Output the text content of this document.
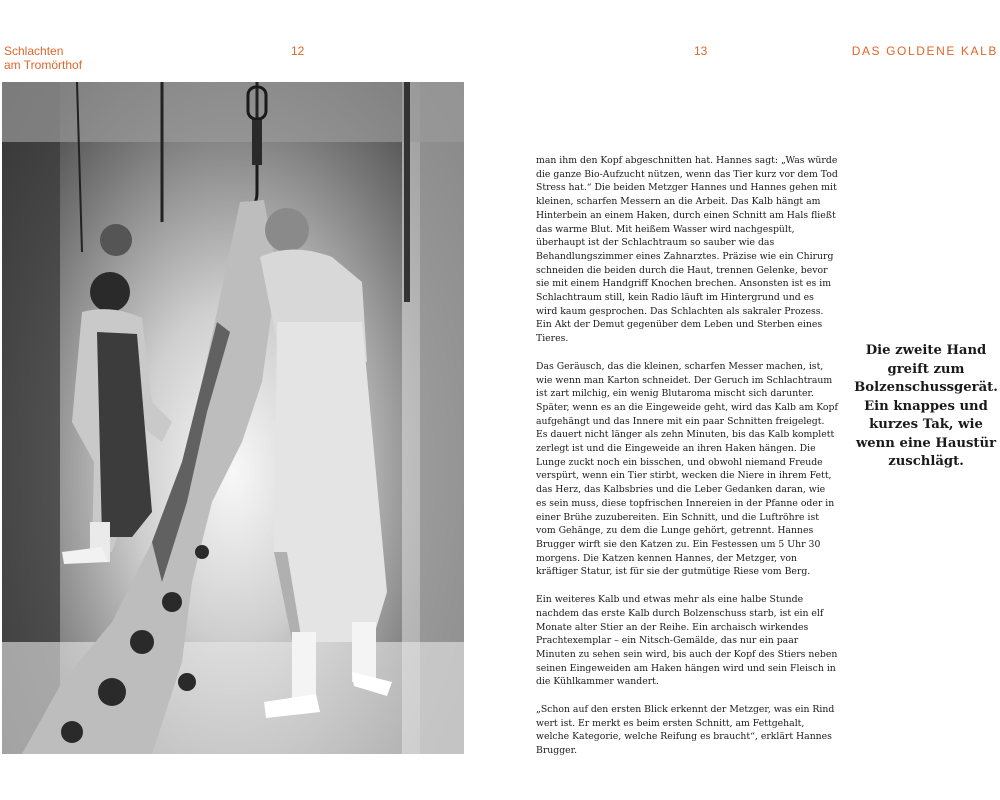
Schlachten
am Tromörthof
12	13	DAS GOLDENE KALB

man ihm den Kopf abgeschnitten hat. Hannes sagt: „Was würde die ganze Bio-Aufzucht nützen, wenn das Tier kurz vor dem Tod Stress hat.“ Die beiden Metzger Hannes und Hannes gehen mit kleinen, scharfen Messern an die Arbeit. Das Kalb hängt am Hinterbein an einem Haken, durch einen Schnitt am Hals fließt das warme Blut. Mit heißem Wasser wird nachgespült, überhaupt ist der Schlachtraum so sauber wie das Behandlungszimmer eines Zahnarztes. Präzise wie ein Chirurg schneiden die beiden durch die Haut, trennen Gelenke, bevor sie mit einem Handgriff Knochen brechen. Ansonsten ist es im Schlachtraum still, kein Radio läuft im Hintergrund und es wird kaum gesprochen. Das Schlachten als sakraler Prozess. Ein Akt der Demut gegenüber dem Leben und Sterben eines Tieres.

Das Geräusch, das die kleinen, scharfen Messer machen, ist, wie wenn man Karton schneidet. Der Geruch im Schlachtraum ist zart milchig, ein wenig Blutaroma mischt sich darunter. Später, wenn es an die Eingeweide geht, wird das Kalb am Kopf aufgehängt und das Innere mit ein paar Schnitten freigelegt. Es dauert nicht länger als zehn Minuten, bis das Kalb komplett zerlegt ist und die Eingeweide an ihren Haken hängen. Die Lunge zuckt noch ein bisschen, und obwohl niemand Freude verspürt, wenn ein Tier stirbt, wecken die Niere in ihrem Fett, das Herz, das Kalbsbries und die Leber Gedanken daran, wie es sein muss, diese topfrischen Innereien in der Pfanne oder in einer Brühe zuzubereiten. Ein Schnitt, und die Luftröhre ist vom Gehänge, zu dem die Lunge gehört, getrennt. Hannes Brugger wirft sie den Katzen zu. Ein Festessen um 5 Uhr 30 morgens. Die Katzen kennen Hannes, der Metzger, von kräftiger Statur, ist für sie der gutmütige Riese vom Berg.

Ein weiteres Kalb und etwas mehr als eine halbe Stunde nachdem das erste Kalb durch Bolzenschuss starb, ist ein elf Monate alter Stier an der Reihe. Ein archaisch wirkendes Prachtexemplar – ein Nitsch-Gemälde, das nur ein paar Minuten zu sehen sein wird, bis auch der Kopf des Stiers neben seinen Eingeweiden am Haken hängen wird und sein Fleisch in die Kühlkammer wandert.

„Schon auf den ersten Blick erkennt der Metzger, was ein Rind wert ist. Er merkt es beim ersten Schnitt, am Fettgehalt, welche Kategorie, welche Reifung es braucht“, erklärt Hannes Brugger.

Die zweite Hand greift zum Bolzenschussgerät. Ein knappes und kurzes Tak, wie wenn eine Haustür zuschlägt.
